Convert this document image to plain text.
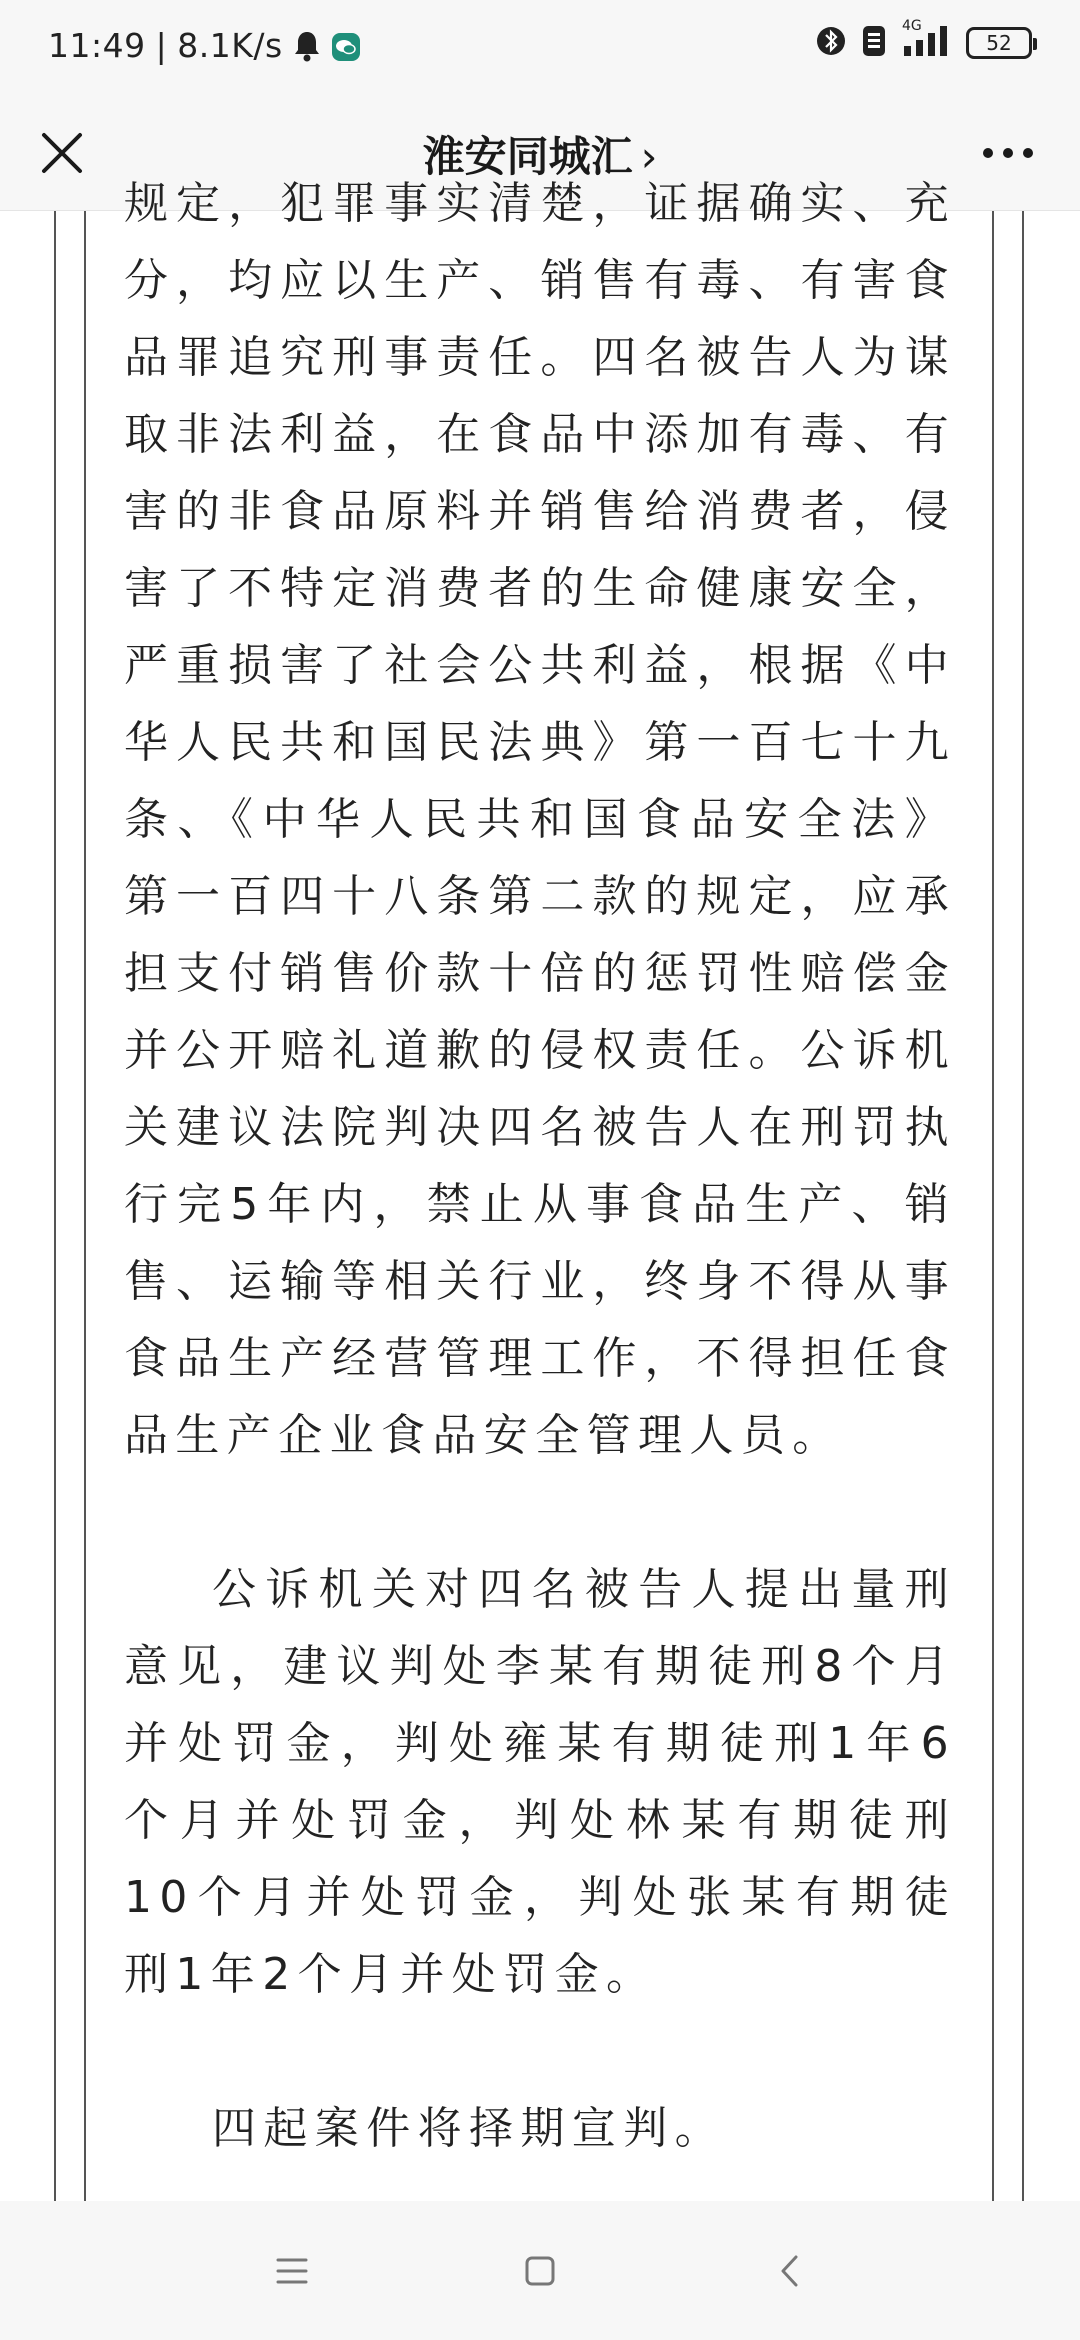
11:49 | 8.1K/s	4G
52
淮安同城汇 ›

规定，犯罪事实清楚，证据确实、充分，均应以生产、销售有毒、有害食品罪追究刑事责任。四名被告人为谋取非法利益，在食品中添加有毒、有害的非食品原料并销售给消费者，侵害了不特定消费者的生命健康安全，严重损害了社会公共利益，根据《中华人民共和国民法典》第一百七十九条、《中华人民共和国食品安全法》第一百四十八条第二款的规定，应承担支付销售价款十倍的惩罚性赔偿金并公开赔礼道歉的侵权责任。公诉机关建议法院判决四名被告人在刑罚执行完5年内，禁止从事食品生产、销售、运输等相关行业，终身不得从事食品生产经营管理工作，不得担任食品生产企业食品安全管理人员。

公诉机关对四名被告人提出量刑意见，建议判处李某有期徒刑8个月并处罚金，判处雍某有期徒刑1年6个月并处罚金，判处林某有期徒刑10个月并处罚金，判处张某有期徒刑1年2个月并处罚金。

四起案件将择期宣判。
